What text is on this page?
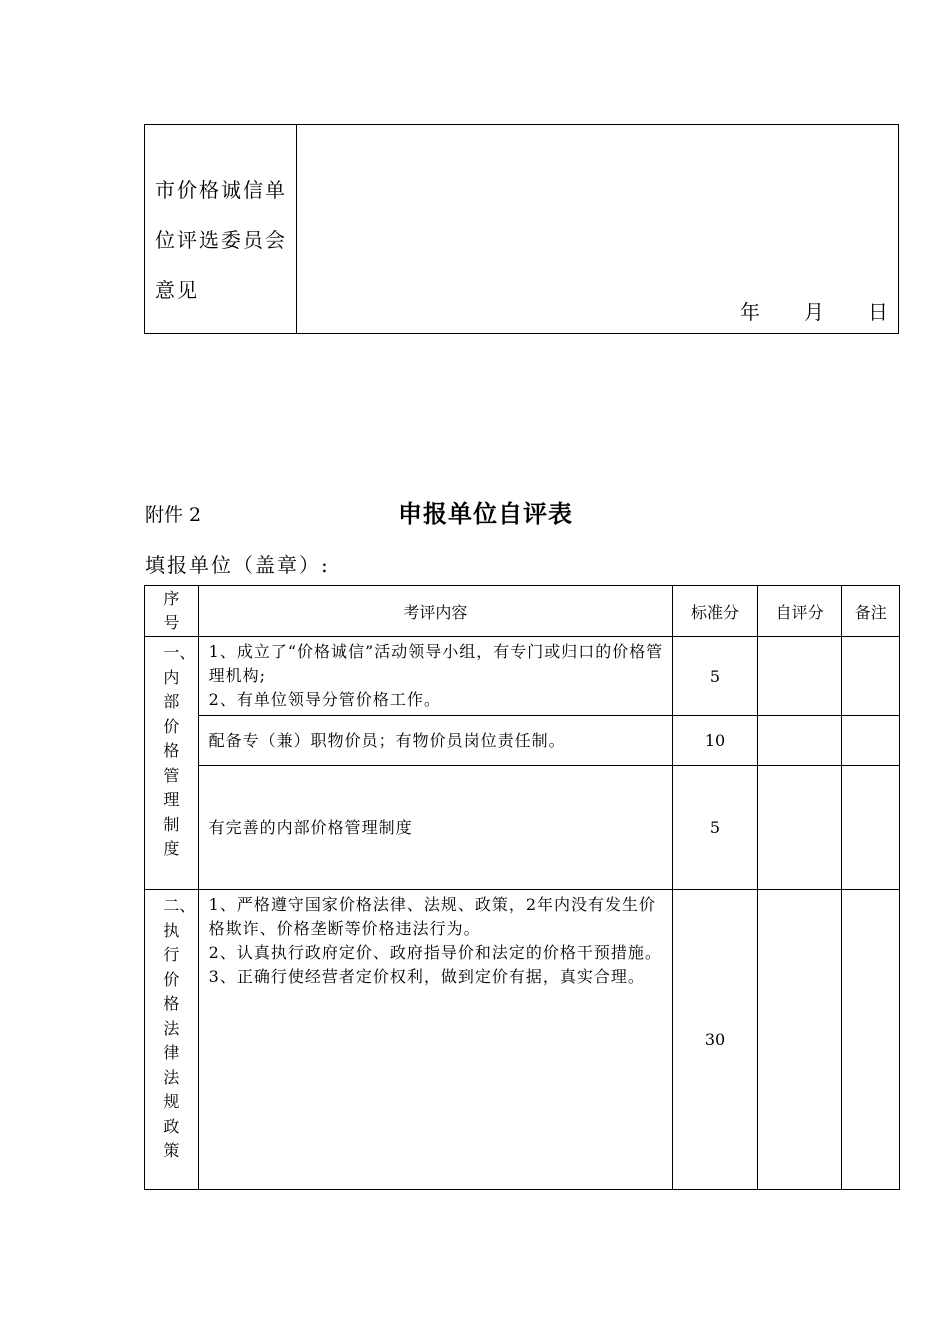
市价格诚信单位评选委员会意见
年 月 日
附件 2	申报单位自评表
填报单位（盖章）:
序号	考评内容	标准分	自评分	备注

一、内部价格管理制度	1、成立了“价格诚信”活动领导小组，有专门或归口的价格管理机构;
2、有单位领导分管价格工作。	5		

	配备专（兼）职物价员；有物价员岗位责任制。	10		

	有完善的内部价格管理制度	5		

二、执行价格法律法规政策	1、严格遵守国家价格法律、法规、政策，2年内没有发生价格欺诈、价格垄断等价格违法行为。
2、认真执行政府定价、政府指导价和法定的价格干预措施。
3、正确行使经营者定价权利，做到定价有据，真实合理。	30		
